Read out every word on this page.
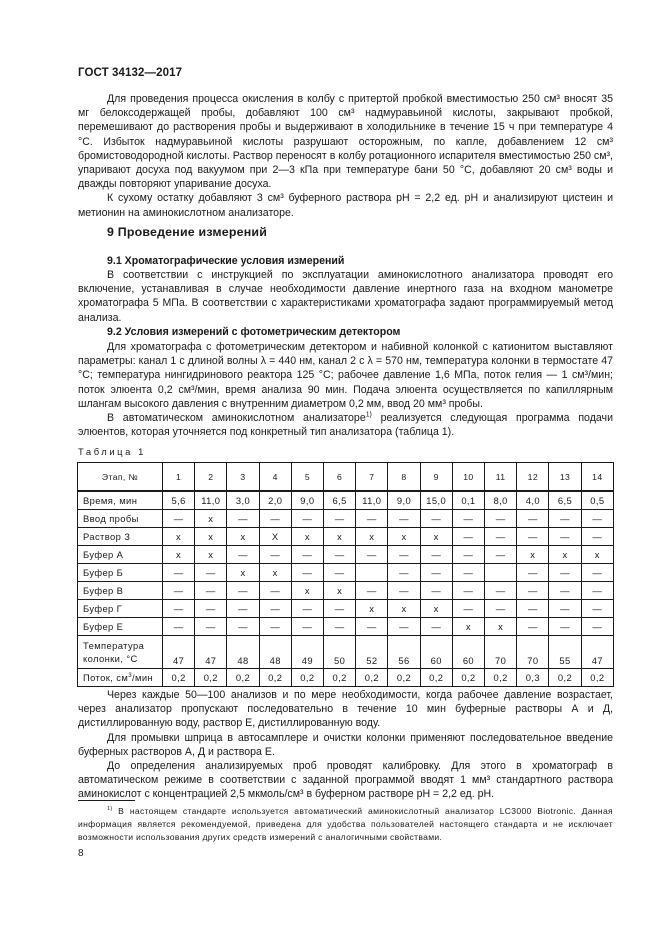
ГОСТ 34132—2017

Для проведения процесса окисления в колбу с притертой пробкой вместимостью 250 см³ вносят 35 мг белоксодержащей пробы, добавляют 100 см³ надмуравьиной кислоты, закрывают пробкой, перемешивают до растворения пробы и выдерживают в холодильнике в течение 15 ч при температуре 4 °С. Избыток надмуравьиной кислоты разрушают осторожным, по капле, добавлением 12 см³ бромистоводородной кислоты. Раствор переносят в колбу ротационного испарителя вместимостью 250 см³, упаривают досуха под вакуумом при 2—3 кПа при температуре бани 50 °С, добавляют 20 см³ воды и дважды повторяют упаривание досуха.

К сухому остатку добавляют 3 см³ буферного раствора pH = 2,2 ед. pH и анализируют цистеин и метионин на аминокислотном анализаторе.

9 Проведение измерений
9.1 Хроматографические условия измерений

В соответствии с инструкцией по эксплуатации аминокислотного анализатора проводят его включение, устанавливая в случае необходимости давление инертного газа на входном манометре хроматографа 5 МПа. В соответствии с характеристиками хроматографа задают программируемый метод анализа.

9.2 Условия измерений с фотометрическим детектором

Для хроматографа с фотометрическим детектором и набивной колонкой с катионитом выставляют параметры: канал 1 с длиной волны λ = 440 нм, канал 2 с λ = 570 нм, температура колонки в термостате 47 °С; температура нингидринового реактора 125 °С; рабочее давление 1,6 МПа, поток гелия — 1 см³/мин; поток элюента 0,2 см³/мин, время анализа 90 мин. Подача элюента осуществляется по капиллярным шлангам высокого давления с внутренним диаметром 0,2 мм, ввод 20 мм³ пробы.

В автоматическом аминокислотном анализаторе$^{1)}$ реализуется следующая программа подачи элюентов, которая уточняется под конкретный тип анализатора (таблица 1).

Таблица 1
Этап, №	1	2	3	4	5	6	7	8	9	10	11	12	13	14
Время, мин	5,6	11,0	3,0	2,0	9,0	6,5	11,0	9,0	15,0	0,1	8,0	4,0	6,5	0,5
Ввод пробы	—	x	—	—	—	—	—	—	—	—	—	—	—	—
Раствор З	x	x	x	X	x	x	x	x	x	—	—	—	—	—
Буфер А	x	x	—	—	—	—	—	—	—	—	—	x	x	x
Буфер Б	—	—	x	x	—	—		—	—	—		—	—	—
Буфер В	—	—	—	—	x	x	—	—	—	—	—	—	—	—
Буфер Г	—	—	—	—	—	—	x	x	x	—	—	—	—	—
Буфер Е	—	—	—	—	—	—	—	—	—	x	x	—	—	—
Температура
колонки, °С	47	47	48	48	49	50	52	56	60	60	70	70	55	47
Поток, $см^3$/мин	0,2	0,2	0,2	0,2	0,2	0,2	0,2	0,2	0,2	0,2	0,2	0,3	0,2	0,2

Через каждые 50—100 анализов и по мере необходимости, когда рабочее давление возрастает, через анализатор пропускают последовательно в течение 10 мин буферные растворы А и Д, дистиллированную воду, раствор Е, дистиллированную воду.

Для промывки шприца в автосамплере и очистки колонки применяют последовательное введение буферных растворов А, Д и раствора Е.

До определения анализируемых проб проводят калибровку. Для этого в хроматограф в автоматическом режиме в соответствии с заданной программой вводят 1 мм³ стандартного раствора аминокислот с концентрацией 2,5 мкмоль/см³ в буферном растворе pH = 2,2 ед. pH.

$^{1)}$ В настоящем стандарте используется автоматический аминокислотный анализатор LC3000 Biotronic. Данная информация является рекомендуемой, приведена для удобства пользователей настоящего стандарта и не исключает возможности использования других средств измерений с аналогичными свойствами.

8
